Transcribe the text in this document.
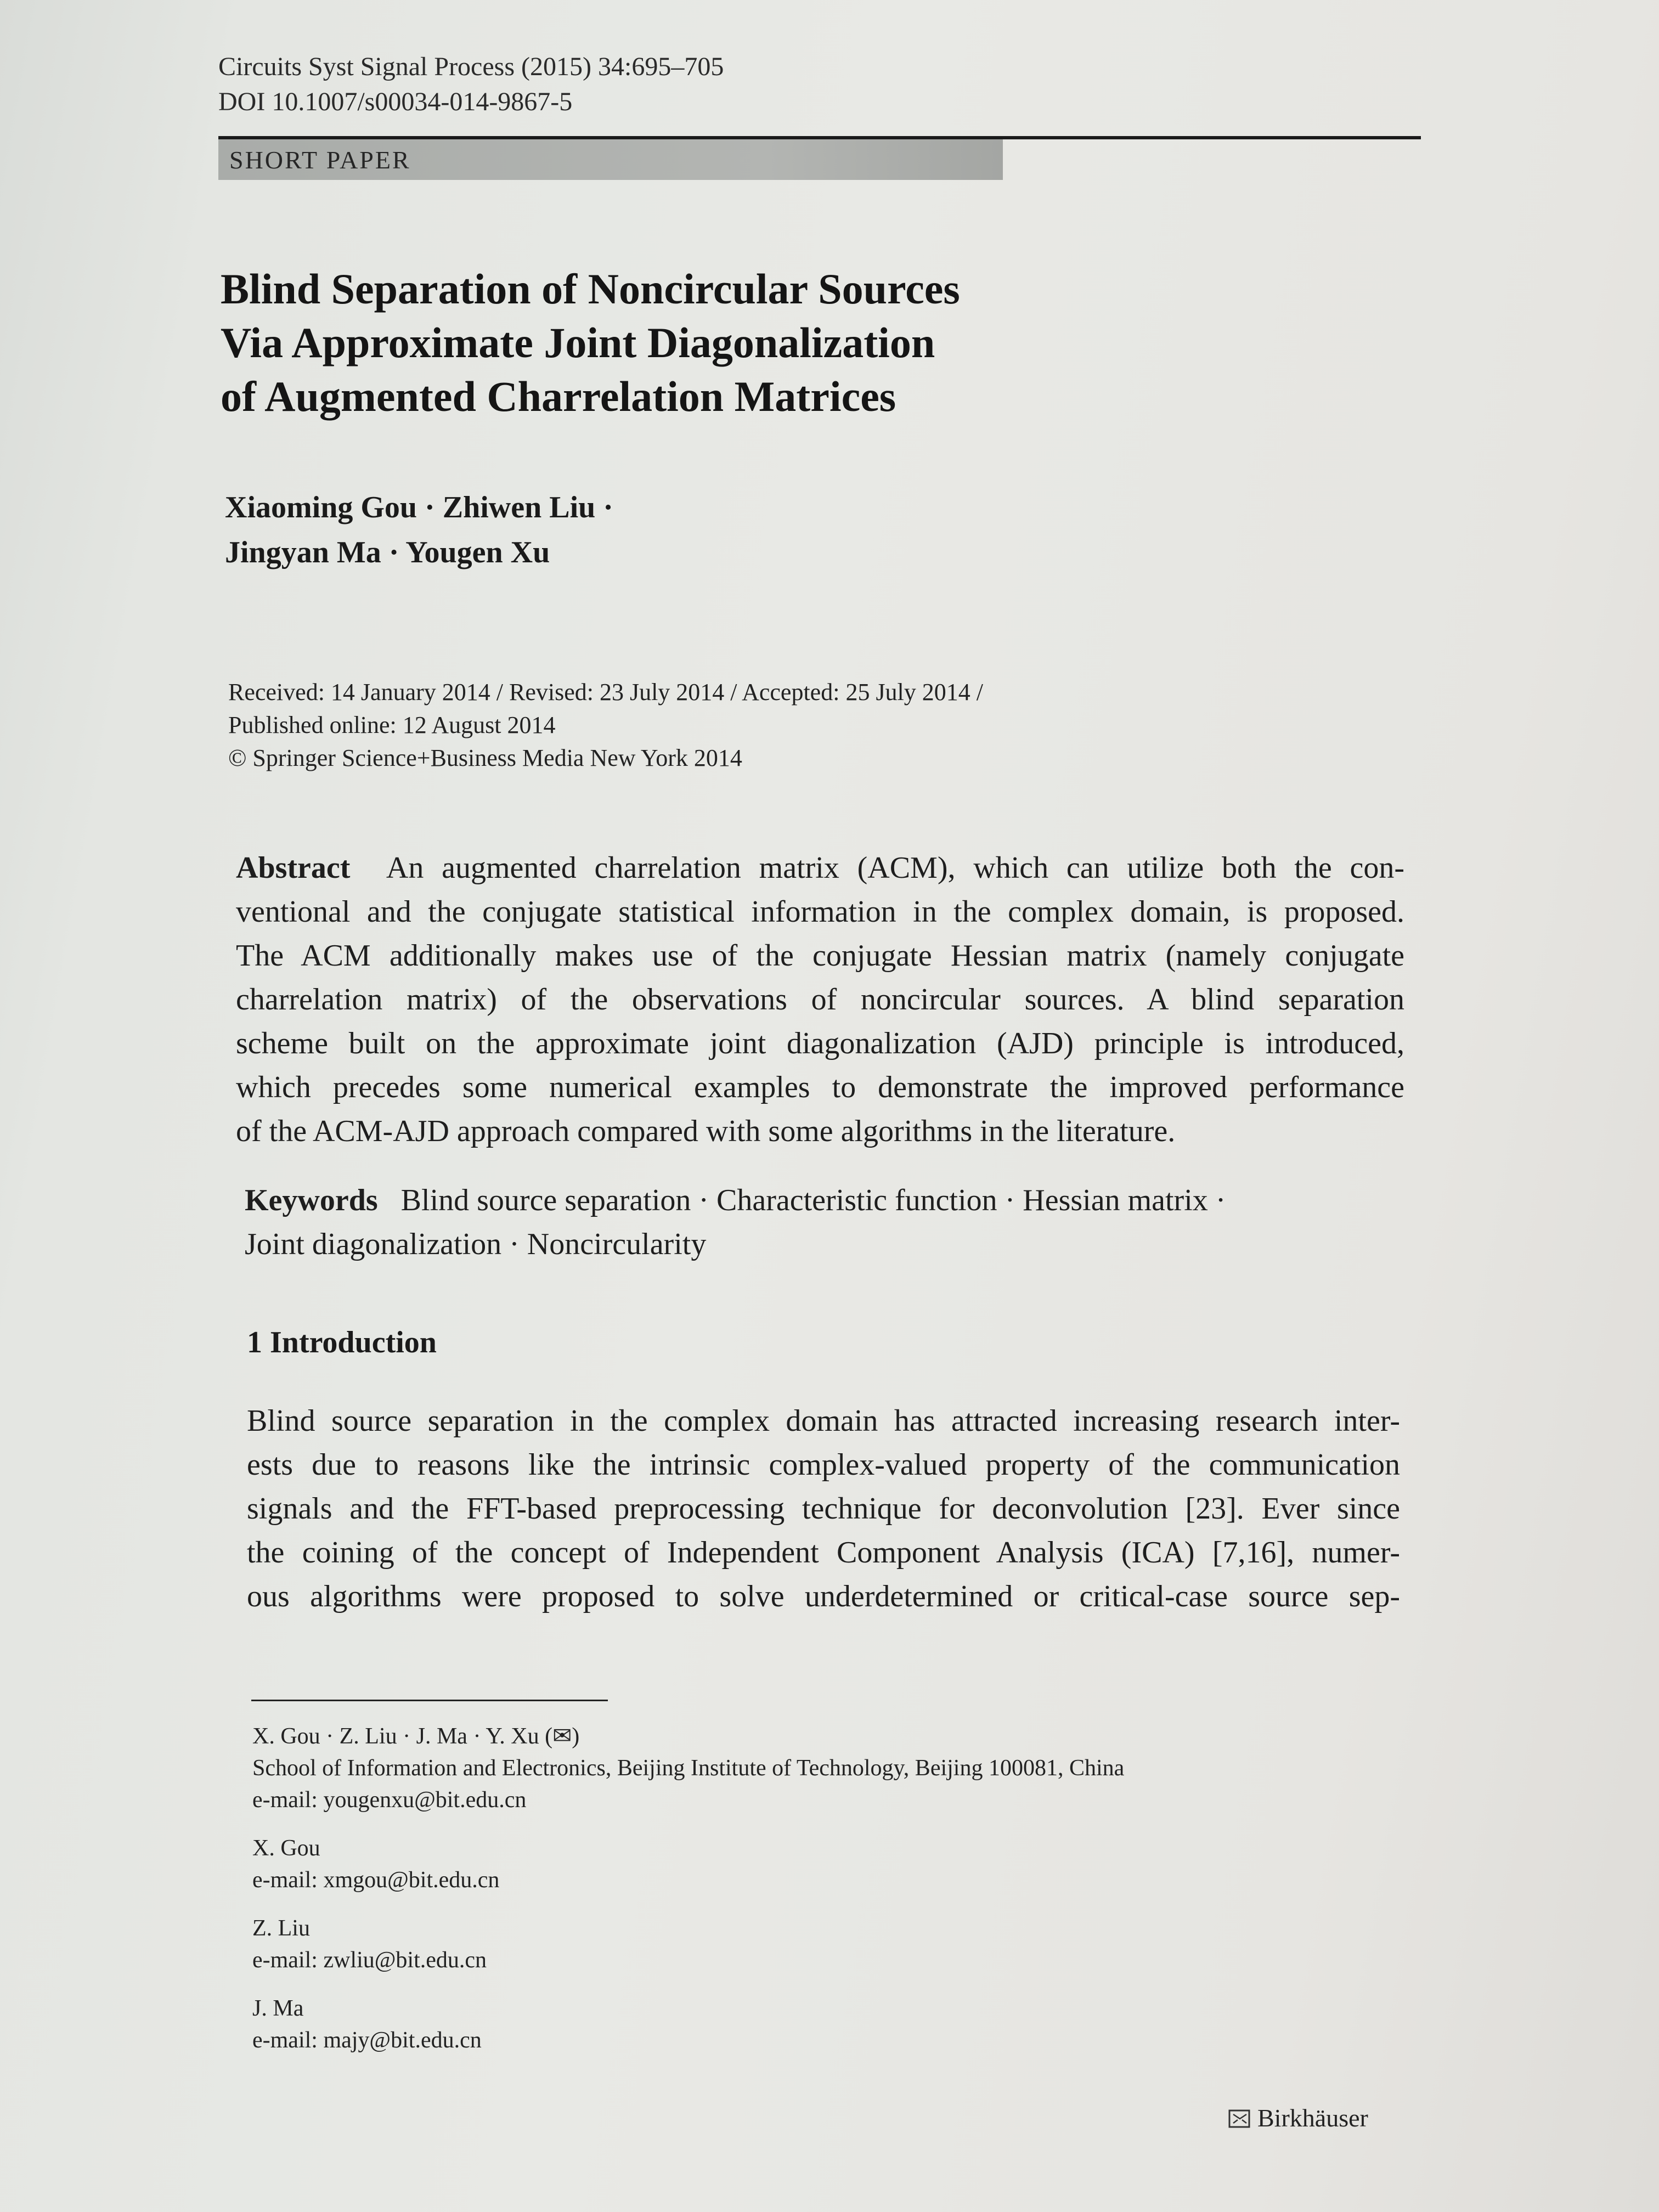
Circuits Syst Signal Process (2015) 34:695–705
DOI 10.1007/s00034-014-9867-5
SHORT PAPER
Blind Separation of Noncircular Sources
Via Approximate Joint Diagonalization
of Augmented Charrelation Matrices
Xiaoming Gou · Zhiwen Liu ·
Jingyan Ma · Yougen Xu
Received: 14 January 2014 / Revised: 23 July 2014 / Accepted: 25 July 2014 /
Published online: 12 August 2014
© Springer Science+Business Media New York 2014
Abstract An augmented charrelation matrix (ACM), which can utilize both the con-
ventional and the conjugate statistical information in the complex domain, is proposed.
The ACM additionally makes use of the conjugate Hessian matrix (namely conjugate
charrelation matrix) of the observations of noncircular sources. A blind separation
scheme built on the approximate joint diagonalization (AJD) principle is introduced,
which precedes some numerical examples to demonstrate the improved performance
of the ACM-AJD approach compared with some algorithms in the literature.
Keywords Blind source separation · Characteristic function · Hessian matrix ·
Joint diagonalization · Noncircularity
1 Introduction
Blind source separation in the complex domain has attracted increasing research inter-
ests due to reasons like the intrinsic complex-valued property of the communication
signals and the FFT-based preprocessing technique for deconvolution [23]. Ever since
the coining of the concept of Independent Component Analysis (ICA) [7,16], numer-
ous algorithms were proposed to solve underdetermined or critical-case source sep-
X. Gou · Z. Liu · J. Ma · Y. Xu (✉)
School of Information and Electronics, Beijing Institute of Technology, Beijing 100081, China
e-mail: yougenxu@bit.edu.cn
X. Gou
e-mail: xmgou@bit.edu.cn
Z. Liu
e-mail: zwliu@bit.edu.cn
J. Ma
e-mail: majy@bit.edu.cn
Birkhäuser
